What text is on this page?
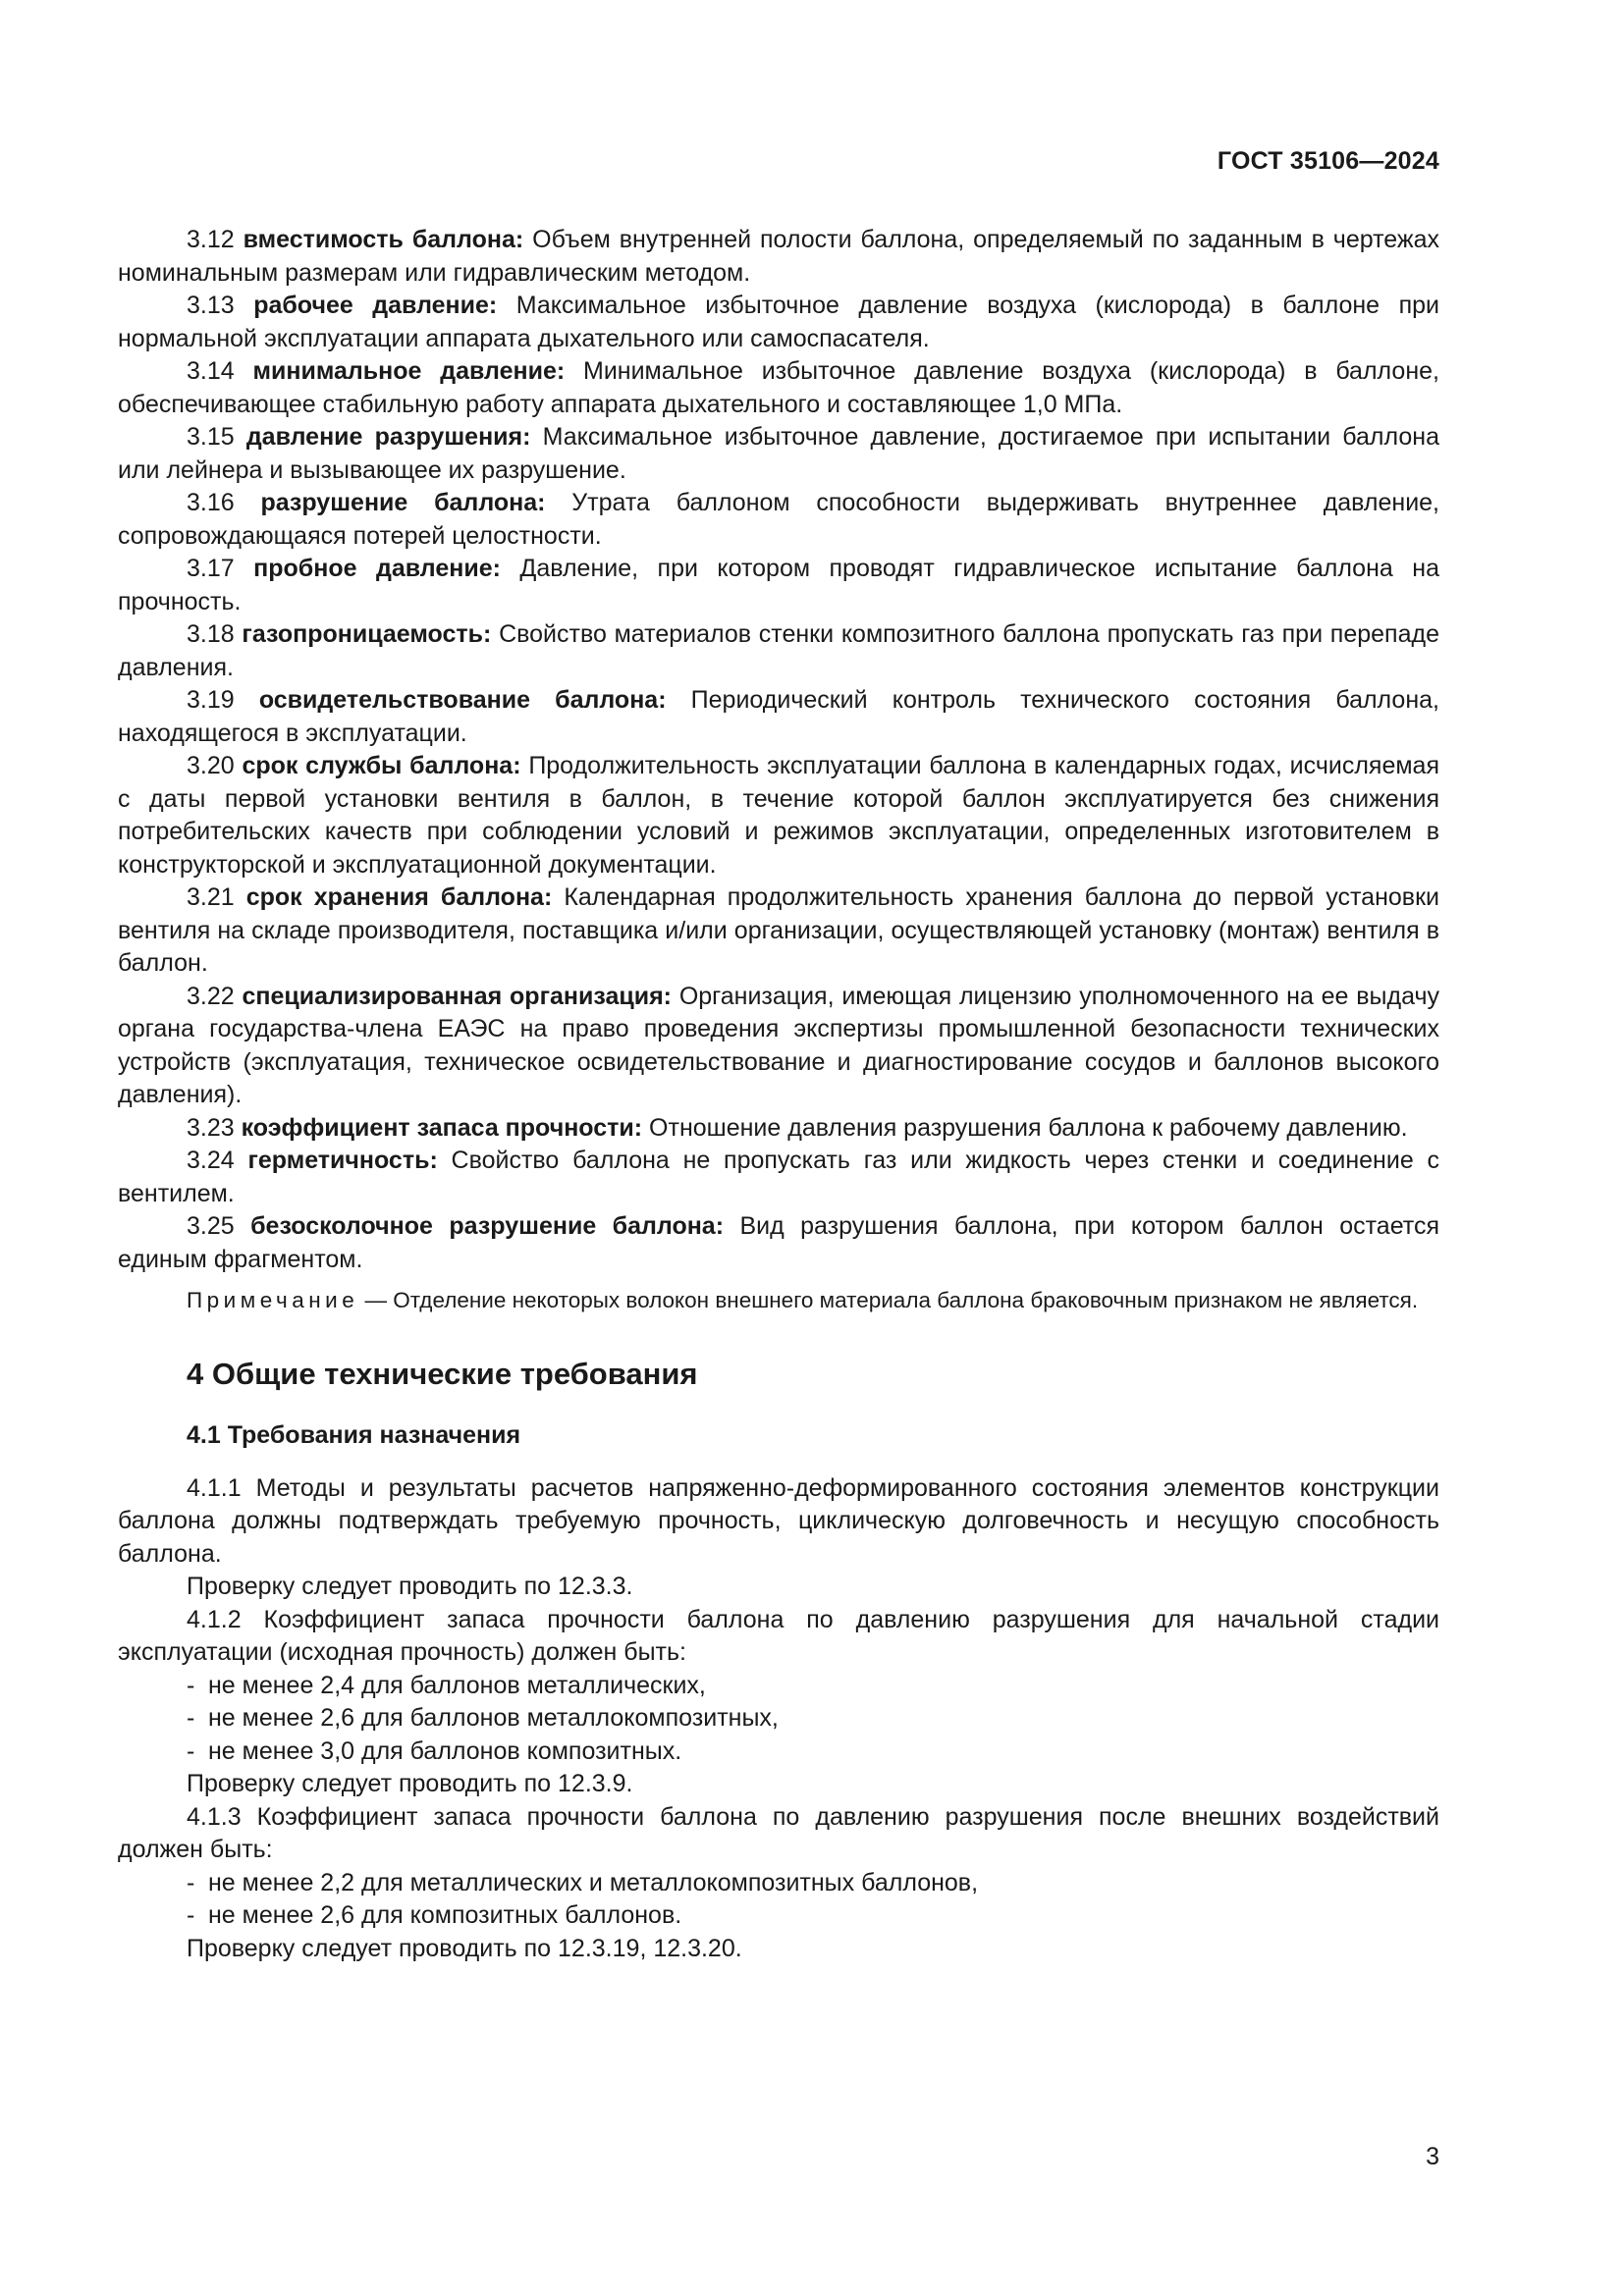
ГОСТ 35106—2024

3.12 вместимость баллона: Объем внутренней полости баллона, определяемый по заданным в чертежах номинальным размерам или гидравлическим методом.

3.13 рабочее давление: Максимальное избыточное давление воздуха (кислорода) в баллоне при нормальной эксплуатации аппарата дыхательного или самоспасателя.

3.14 минимальное давление: Минимальное избыточное давление воздуха (кислорода) в баллоне, обеспечивающее стабильную работу аппарата дыхательного и составляющее 1,0 МПа.

3.15 давление разрушения: Максимальное избыточное давление, достигаемое при испытании баллона или лейнера и вызывающее их разрушение.

3.16 разрушение баллона: Утрата баллоном способности выдерживать внутреннее давление, сопровождающаяся потерей целостности.

3.17 пробное давление: Давление, при котором проводят гидравлическое испытание баллона на прочность.

3.18 газопроницаемость: Свойство материалов стенки композитного баллона пропускать газ при перепаде давления.

3.19 освидетельствование баллона: Периодический контроль технического состояния баллона, находящегося в эксплуатации.

3.20 срок службы баллона: Продолжительность эксплуатации баллона в календарных годах, исчисляемая с даты первой установки вентиля в баллон, в течение которой баллон эксплуатируется без снижения потребительских качеств при соблюдении условий и режимов эксплуатации, определенных изготовителем в конструкторской и эксплуатационной документации.

3.21 срок хранения баллона: Календарная продолжительность хранения баллона до первой установки вентиля на складе производителя, поставщика и/или организации, осуществляющей установку (монтаж) вентиля в баллон.

3.22 специализированная организация: Организация, имеющая лицензию уполномоченного на ее выдачу органа государства-члена ЕАЭС на право проведения экспертизы промышленной безопасности технических устройств (эксплуатация, техническое освидетельствование и диагностирование сосудов и баллонов высокого давления).

3.23 коэффициент запаса прочности: Отношение давления разрушения баллона к рабочему давлению.

3.24 герметичность: Свойство баллона не пропускать газ или жидкость через стенки и соединение с вентилем.

3.25 безосколочное разрушение баллона: Вид разрушения баллона, при котором баллон остается единым фрагментом.

Примечание — Отделение некоторых волокон внешнего материала баллона браковочным признаком не является.

4 Общие технические требования

4.1 Требования назначения

4.1.1 Методы и результаты расчетов напряженно-деформированного состояния элементов конструкции баллона должны подтверждать требуемую прочность, циклическую долговечность и несущую способность баллона.

Проверку следует проводить по 12.3.3.

4.1.2 Коэффициент запаса прочности баллона по давлению разрушения для начальной стадии эксплуатации (исходная прочность) должен быть:

- не менее 2,4 для баллонов металлических,

- не менее 2,6 для баллонов металлокомпозитных,

- не менее 3,0 для баллонов композитных.

Проверку следует проводить по 12.3.9.

4.1.3 Коэффициент запаса прочности баллона по давлению разрушения после внешних воздействий должен быть:

- не менее 2,2 для металлических и металлокомпозитных баллонов,

- не менее 2,6 для композитных баллонов.

Проверку следует проводить по 12.3.19, 12.3.20.

3
